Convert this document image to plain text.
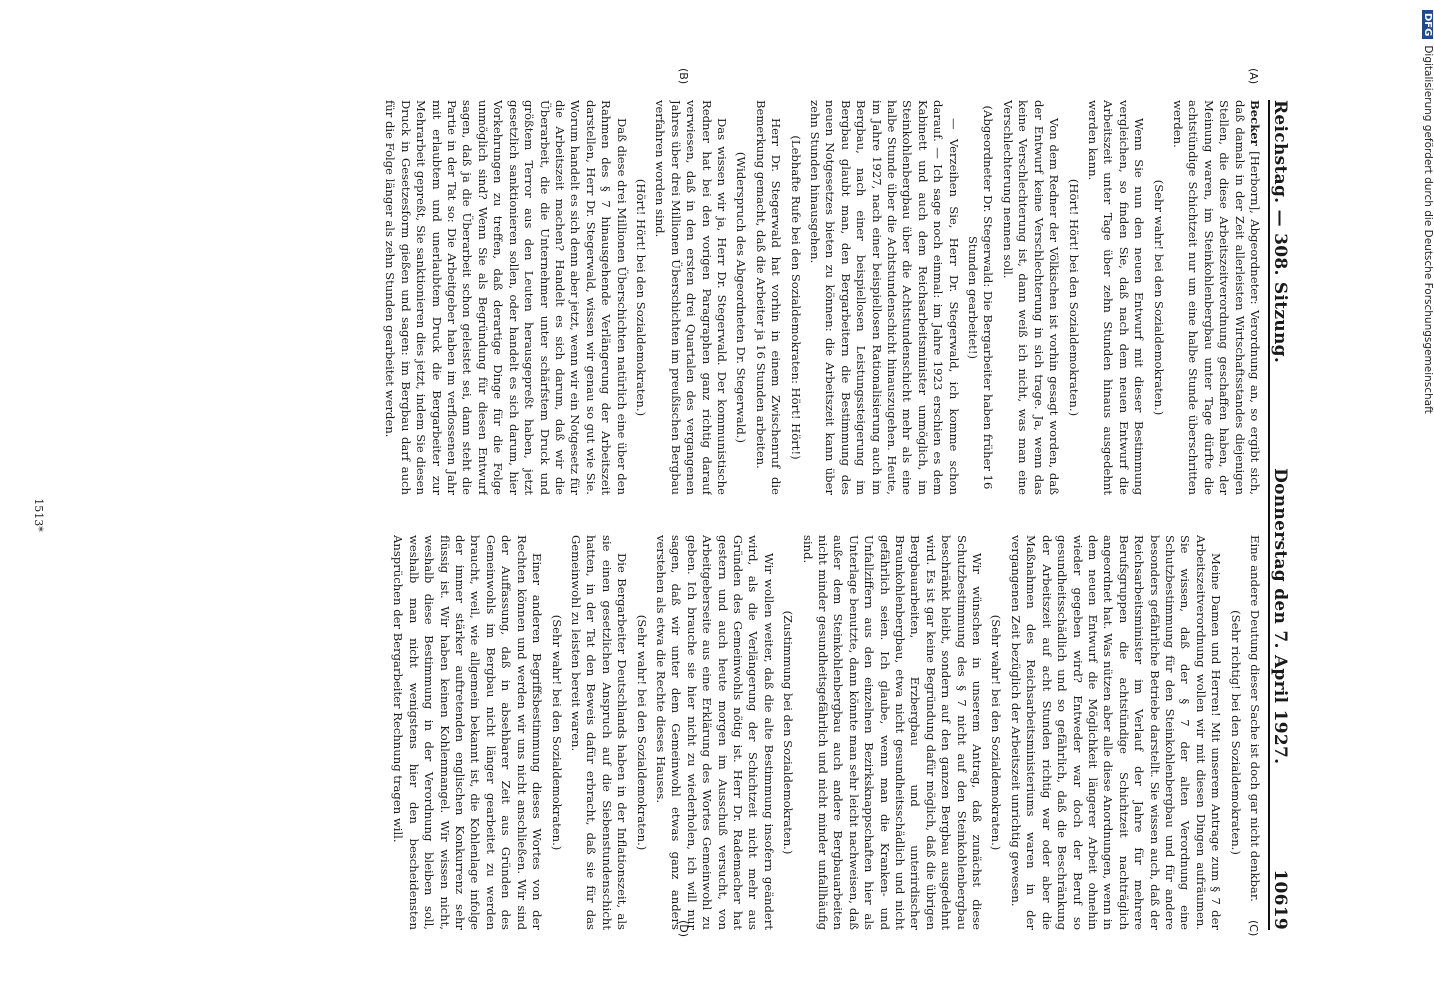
Reichstag. — 308. Sitzung.
Donnerstag den 7. April 1927.
10619
(A)
(B)
(C)
(D)

Becker [Herborn], Abgeordneter: Verordnung an, so ergibt sich, daß damals in der Zeit allerleisten Wirtschaftsstandes diejenigen Stellen, die diese Arbeitszeitverordnung geschaffen haben, der Meinung waren, im Steinkohlenbergbau unter Tage dürfte die achtstündige Schichtzeit nur um eine halbe Stunde überschritten werden.

(Sehr wahr! bei den Sozialdemokraten.)

Wenn Sie nun den neuen Entwurf mit dieser Bestimmung vergleichen, so finden Sie, daß nach dem neuen Entwurf die Arbeitszeit unter Tage über zehn Stunden hinaus ausgedehnt werden kann.

(Hört! Hört! bei den Sozialdemokraten.)

Von dem Redner der Völkischen ist vorhin gesagt worden, daß der Entwurf keine Verschlechterung in sich trage. Ja, wenn das keine Verschlechterung ist, dann weiß ich nicht, was man eine Verschlechterung nennen soll.

(Abgeordneter Dr. Stegerwald: Die Bergarbeiter haben früher 16 Stunden gearbeitet!)

— Verzeihen Sie, Herr Dr. Stegerwald, ich komme schon darauf. — Ich sage noch einmal: im Jahre 1923 erschien es dem Kabinett und auch dem Reichsarbeitsminister unmöglich, im Steinkohlenbergbau über die Achtstundenschicht mehr als eine halbe Stunde über die Achtstundenschicht hinauszugehen. Heute, im Jahre 1927, nach einer beispiellosen Rationalisierung auch im Bergbau, nach einer beispiellosen Leistungssteigerung im Bergbau glaubt man, den Bergarbeitern die Bestimmung des neuen Notgesetzes bieten zu können: die Arbeitszeit kann über zehn Stunden hinausgehen.

(Lebhafte Rufe bei den Sozialdemokraten: Hört! Hört!)

Herr Dr. Stegerwald hat vorhin in einem Zwischenruf die Bemerkung gemacht, daß die Arbeiter ja 16 Stunden arbeiten.

(Widerspruch des Abgeordneten Dr. Stegerwald.)

Das wissen wir ja, Herr Dr. Stegerwald. Der kommunistische Redner hat bei den vorigen Paragraphen ganz richtig darauf verwiesen, daß in den ersten drei Quartalen des vergangenen Jahres über drei Millionen Überschichten im preußischen Bergbau verfahren worden sind.

(Hört! Hört! bei den Sozialdemokraten.)

Daß diese drei Millionen Überschichten natürlich eine über den Rahmen des § 7 hinausgehende Verlängerung der Arbeitszeit darstellen, Herr Dr. Stegerwald, wissen wir genau so gut wie Sie. Worum handelt es sich denn aber jetzt, wenn wir ein Notgesetz für die Arbeitszeit machen? Handelt es sich darum, daß wir die Überarbeit, die die Unternehmer unter schärfstem Druck und größtem Terror aus den Leuten herausgepreßt haben, jetzt gesetzlich sanktionieren sollen, oder handelt es sich darum, hier Vorkehrungen zu treffen, daß derartige Dinge für die Folge unmöglich sind? Wenn Sie als Begründung für diesen Entwurf sagen, daß ja die Überarbeit schon geleistet sei, dann steht die Partie in der Tat so: Die Arbeitgeber haben im verflossenen Jahr mit erlaubtem und unerlaubtem Druck die Bergarbeiter zur Mehrarbeit gepreßt, Sie sanktionieren dies jetzt, indem Sie diesen Druck in Gesetzesform gießen und sagen: im Bergbau darf auch für die Folge länger als zehn Stunden gearbeitet werden.

Eine andere Deutung dieser Sache ist doch gar nicht denkbar.

(Sehr richtig! bei den Sozialdemokraten.)

Meine Damen und Herren! Mit unserem Antrage zum § 7 der Arbeitszeitverordnung wollen wir mit diesen Dingen aufräumen. Sie wissen, daß der § 7 der alten Verordnung eine Schutzbestimmung für den Steinkohlenbergbau und für andere besonders gefährliche Betriebe darstellt. Sie wissen auch, daß der Reichsarbeitsminister im Verlauf der Jahre für mehrere Berufsgruppen die achtstündige Schichtzeit nachträglich angeordnet hat. Was nützen aber alle diese Anordnungen, wenn in dem neuen Entwurf die Möglichkeit längerer Arbeit ohnehin wieder gegeben wird? Entweder war doch der Beruf so gesundheitsschädlich und so gefährlich, daß die Beschränkung der Arbeitszeit auf acht Stunden richtig war oder aber die Maßnahmen des Reichsarbeitsministeriums waren in der vergangenen Zeit bezüglich der Arbeitszeit unrichtig gewesen.

(Sehr wahr! bei den Sozialdemokraten.)

Wir wünschen in unserem Antrag, daß zunächst diese Schutzbestimmung des § 7 nicht auf den Steinkohlenbergbau beschränkt bleibt, sondern auf den ganzen Bergbau ausgedehnt wird. Es ist gar keine Begründung dafür möglich, daß die übrigen Bergbauarbeiten, Erzbergbau und unterirdischer Braunkohlenbergbau, etwa nicht gesundheitsschädlich und nicht gefährlich seien. Ich glaube, wenn man die Kranken- und Unfallziffern aus den einzelnen Bezirksknappschaften hier als Unterlage benutzte, dann könnte man sehr leicht nachweisen, daß außer dem Steinkohlenbergbau auch andere Bergbauarbeiten nicht minder gesundheitsgefährlich und nicht minder unfallhäufig sind.

(Zustimmung bei den Sozialdemokraten.)

Wir wollen weiter, daß die alte Bestimmung insofern geändert wird, als die Verlängerung der Schichtzeit nicht mehr aus Gründen des Gemeinwohls nötig ist. Herr Dr. Rademacher hat gestern und auch heute morgen im Ausschuß versucht, von Arbeitgeberseite aus eine Erklärung des Wortes Gemeinwohl zu geben. Ich brauche sie hier nicht zu wiederholen, ich will nur sagen, daß wir unter dem Gemeinwohl etwas ganz anders verstehen als etwa die Rechte dieses Hauses.

(Sehr wahr! bei den Sozialdemokraten.)

Die Bergarbeiter Deutschlands haben in der Inflationszeit, als sie einen gesetzlichen Anspruch auf die Siebenstundenschicht hatten, in der Tat den Beweis dafür erbracht, daß sie für das Gemeinwohl zu leisten bereit waren.

(Sehr wahr! bei den Sozialdemokraten.)

Einer anderen Begriffsbestimmung dieses Wortes von der Rechten können und werden wir uns nicht anschließen. Wir sind der Auffassung, daß in absehbarer Zeit aus Gründen des Gemeinwohls im Bergbau nicht länger gearbeitet zu werden braucht, weil, wie allgemein bekannt ist, die Kohlenlage infolge der immer stärker auftretenden englischen Konkurrenz sehr flüssig ist. Wir haben keinen Kohlenmangel. Wir wissen nicht, weshalb diese Bestimmung in der Verordnung bleiben soll, weshalb man nicht wenigstens hier den bescheidensten Ansprüchen der Bergarbeiter Rechnung tragen will.

1513*
DFGDigitalisierung gefördert durch die Deutsche Forschungsgemeinschaft
